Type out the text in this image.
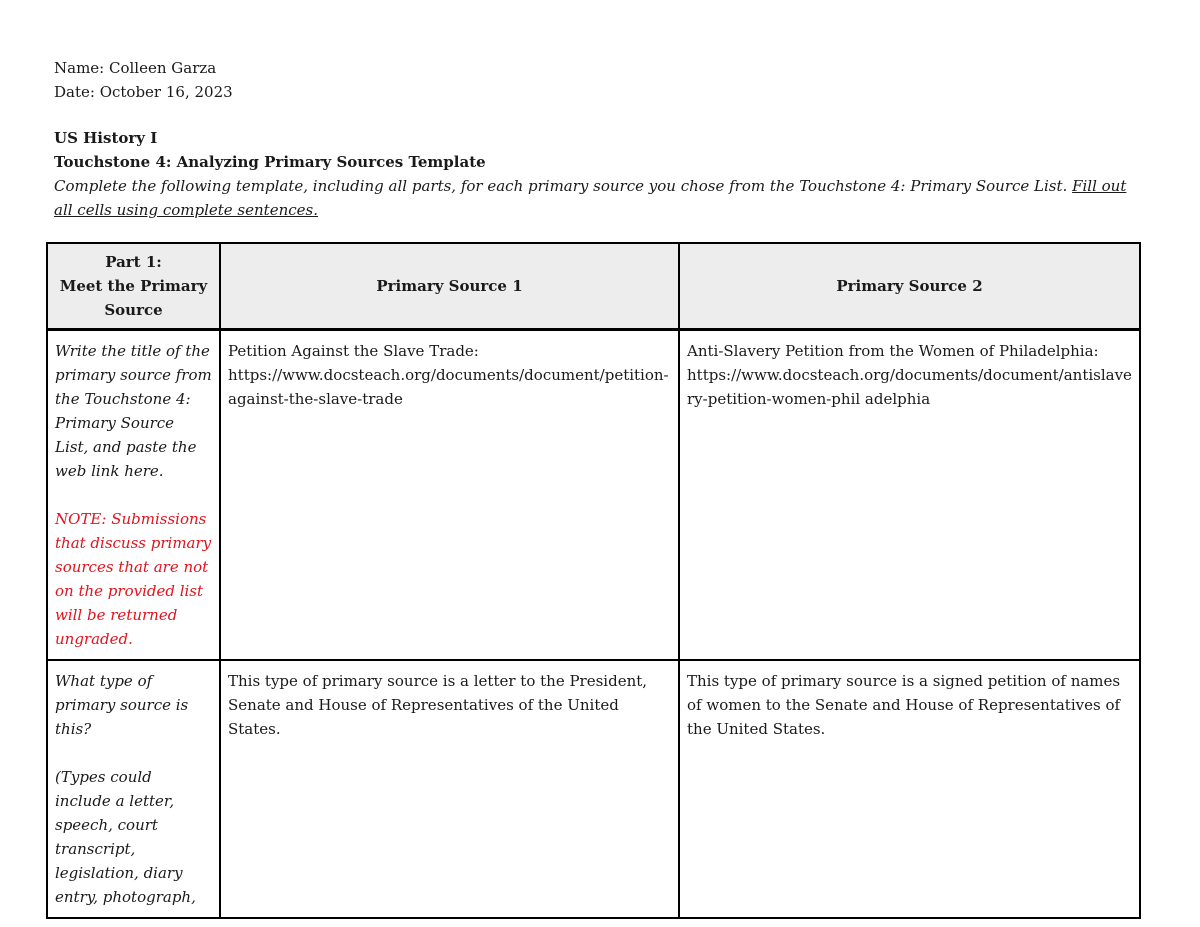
Name: Colleen Garza
Date: October 16, 2023
US History I
Touchstone 4: Analyzing Primary Sources Template
Complete the following template, including all parts, for each primary source you chose from the Touchstone 4: Primary Source List. Fill out all cells using complete sentences.
Part 1:
Meet the Primary Source	Primary Source 1	Primary Source 2

Write the title of the primary source from the Touchstone 4: Primary Source List, and paste the web link here.

NOTE: Submissions that discuss primary sources that are not on the provided list will be returned ungraded.	Petition Against the Slave Trade: https://www.docsteach.org/documents/document/petition-against-the-slave-trade	Anti-Slavery Petition from the Women of Philadelphia: https://www.docsteach.org/documents/document/antislavery-petition-women-phil adelphia

What type of primary source is this?

(Types could include a letter, speech, court transcript, legislation, diary entry, photograph,	This type of primary source is a letter to the President, Senate and House of Representatives of the United States.	This type of primary source is a signed petition of names of women to the Senate and House of Representatives of the United States.
